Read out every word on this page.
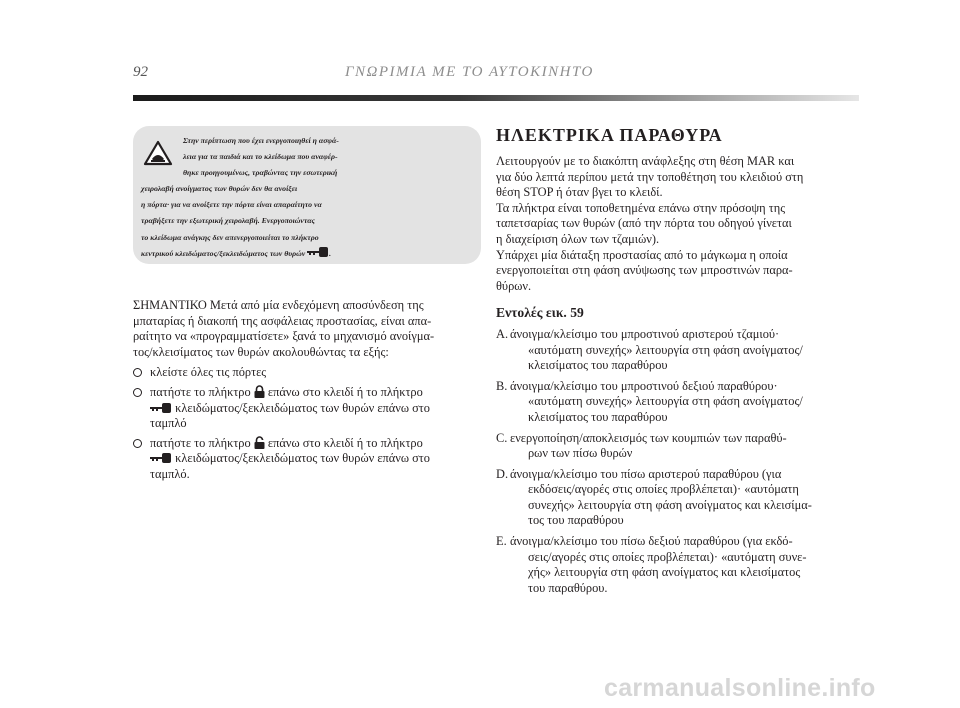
92	ΓΝΩΡΙΜΙΑ ΜΕ ΤΟ ΑΥΤΟΚΙΝΗΤΟ
Στην περίπτωση που έχει ενεργοποιηθεί η ασφά-
λεια για τα παιδιά και το κλείδωμα που αναφέρ-
θηκε προηγουμένως, τραβώντας την εσωτερική
χειρολαβή ανοίγματος των θυρών δεν θα ανοίξει
η πόρτα· για να ανοίξετε την πόρτα είναι απαραίτητο να
τραβήξετε την εξωτερική χειρολαβή. Ενεργοποιώντας
το κλείδωμα ανάγκης δεν απενεργοποιείται το πλήκτρο
κεντρικού κλειδώματος/ξεκλειδώματος των θυρών	.
ΣΗΜΑΝΤΙΚΟ Μετά από μία ενδεχόμενη αποσύνδεση της
μπαταρίας ή διακοπή της ασφάλειας προστασίας, είναι απα-
ραίτητο να «προγραμματίσετε» ξανά το μηχανισμό ανοίγμα-
τος/κλεισίματος των θυρών ακολουθώντας τα εξής:
κλείστε όλες τις πόρτες
πατήστε το πλήκτρο επάνω στο κλειδί ή το πλήκτρο
κλειδώματος/ξεκλειδώματος των θυρών επάνω στο
ταμπλό
πατήστε το πλήκτρο επάνω στο κλειδί ή το πλήκτρο
κλειδώματος/ξεκλειδώματος των θυρών επάνω στο
ταμπλό.
ΗΛΕΚΤΡΙΚΑ ΠΑΡΑΘΥΡΑ
Λειτουργούν με το διακόπτη ανάφλεξης στη θέση MAR και
για δύο λεπτά περίπου μετά την τοποθέτηση του κλειδιού στη
θέση STOP ή όταν βγει το κλειδί.
Τα πλήκτρα είναι τοποθετημένα επάνω στην πρόσοψη της
ταπετσαρίας των θυρών (από την πόρτα του οδηγού γίνεται
η διαχείριση όλων των τζαμιών).
Υπάρχει μία διάταξη προστασίας από το μάγκωμα η οποία
ενεργοποιείται στη φάση ανύψωσης των μπροστινών παρα-
θύρων.
Εντολές εικ. 59
A. άνοιγμα/κλείσιμο του μπροστινού αριστερού τζαμιού·
«αυτόματη συνεχής» λειτουργία στη φάση ανοίγματος/
κλεισίματος του παραθύρου
B. άνοιγμα/κλείσιμο του μπροστινού δεξιού παραθύρου·
«αυτόματη συνεχής» λειτουργία στη φάση ανοίγματος/
κλεισίματος του παραθύρου
C. ενεργοποίηση/αποκλεισμός των κουμπιών των παραθύ-
ρων των πίσω θυρών
D. άνοιγμα/κλείσιμο του πίσω αριστερού παραθύρου (για
εκδόσεις/αγορές στις οποίες προβλέπεται)· «αυτόματη
συνεχής» λειτουργία στη φάση ανοίγματος και κλεισίμα-
τος του παραθύρου
E. άνοιγμα/κλείσιμο του πίσω δεξιού παραθύρου (για εκδό-
σεις/αγορές στις οποίες προβλέπεται)· «αυτόματη συνε-
χής» λειτουργία στη φάση ανοίγματος και κλεισίματος
του παραθύρου.
carmanualsonline.info
